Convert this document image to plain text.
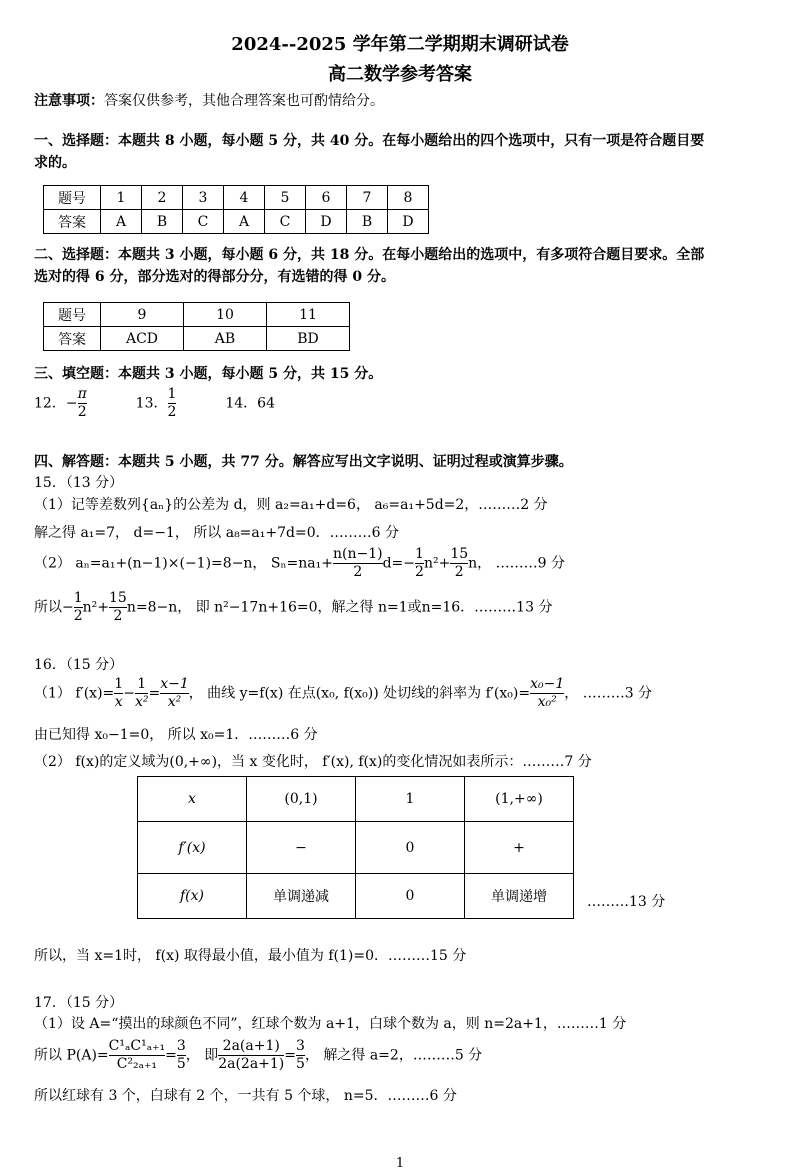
2024--2025 学年第二学期期末调研试卷
高二数学参考答案
注意事项：答案仅供参考，其他合理答案也可酌情给分。
一、选择题：本题共 8 小题，每小题 5 分，共 40 分。在每小题给出的四个选项中，只有一项是符合题目要
求的。
题号	1	2	3	4	5	6	7	8
答案	A	B	C	A	C	D	B	D
二、选择题：本题共 3 小题，每小题 6 分，共 18 分。在每小题给出的选项中，有多项符合题目要求。全部
选对的得 6 分，部分选对的得部分分，有选错的得 0 分。
题号	9	10	11
答案	ACD	AB	BD
三、填空题：本题共 3 小题，每小题 5 分，共 15 分。
12．− $\frac{\pi}{2}$	13． $\frac{1}{2}$	14．64
四、解答题：本题共 5 小题，共 77 分。解答应写出文字说明、证明过程或演算步骤。
15．（13 分）
（1）记等差数列{aₙ}的公差为 d，则 a₂=a₁+d=6， a₆=a₁+5d=2，………2 分
解之得 a₁=7， d=−1， 所以 a₈=a₁+7d=0．………6 分
（2） aₙ=a₁+(n−1)×(−1)=8−n， $S_n=na_1+ \frac{n(n-1)}{2} d=- \frac{1}{2} n^2+ \frac{15}{2}$ n， ………9 分
所以− $\frac{1}{2} n^2+ \frac{15}{2} n=8-n$， 即 n²−17n+16=0，解之得 n=1或n=16．………13 分
16．（15 分）
（1） $f'(x)= \frac{1}{x} - \frac{1}{\text{x²}} = \frac{x-1}{\text{x²}}$ ， 曲线 y=f(x) 在点(x₀, f(x₀)) 处切线的斜率为 $f'(x_0)= \frac{\text{x₀−1}}{\text{x₀²}}$ ， ………3 分
由已知得 x₀−1=0， 所以 x₀=1．………6 分
（2） f(x)的定义域为(0,+∞)，当 x 变化时， f′(x), f(x)的变化情况如表所示：………7 分
x	(0,1)	1	(1,+∞)
f′(x)	−	0	+
f(x)	单调递减	0	单调递增	………13 分
所以，当 x=1时， f(x) 取得最小值，最小值为 f(1)=0．………15 分
17．（15 分）
（1）设 A=“摸出的球颜色不同”，红球个数为 a+1，白球个数为 a，则 n=2a+1，………1 分
所以 $P(A)= \frac{\text{C¹ₐC¹ₐ₊₁}}{\text{C²₂ₐ₊₁}} = \frac{3}{5}$ ， 即 $\frac{2a(a+1)}{2a(2a+1)} = \frac{3}{5}$ ， 解之得 a=2，………5 分
所以红球有 3 个，白球有 2 个，一共有 5 个球， n=5．………6 分
1
